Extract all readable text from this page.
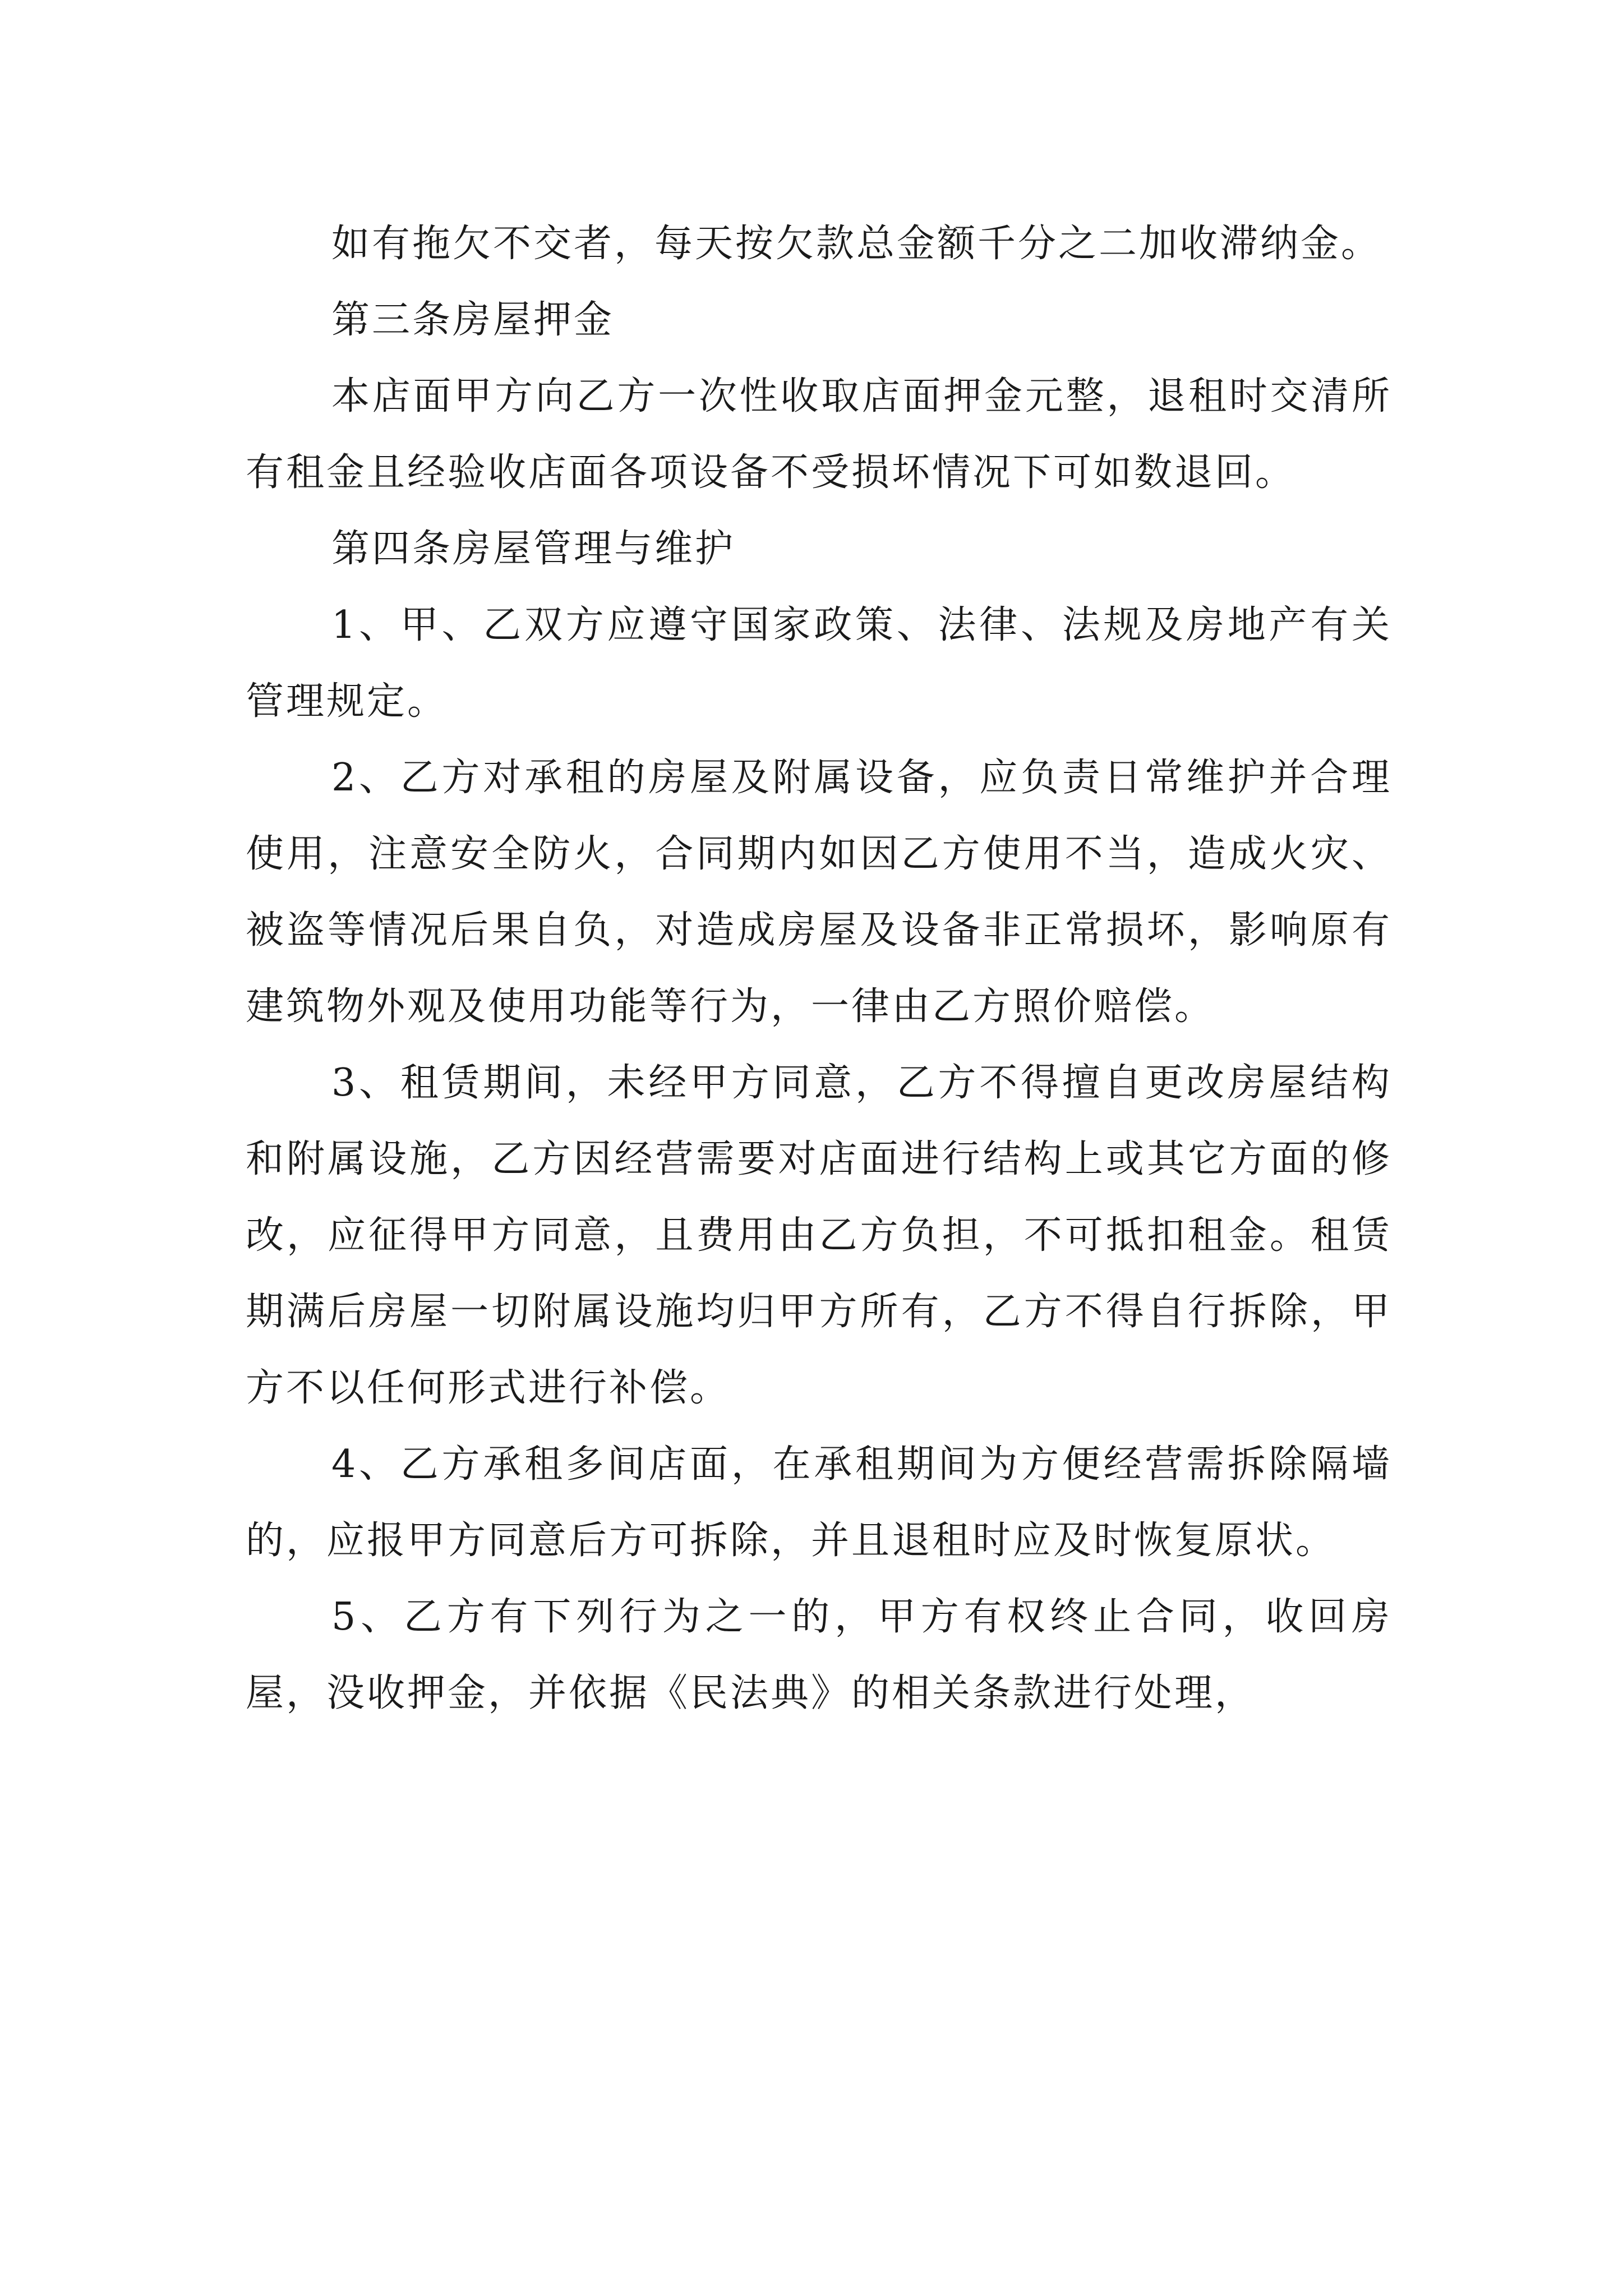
如有拖欠不交者，每天按欠款总金额千分之二加收滞纳金。

第三条房屋押金

本店面甲方向乙方一次性收取店面押金元整，退租时交清所有租金且经验收店面各项设备不受损坏情况下可如数退回。

第四条房屋管理与维护

1、甲、乙双方应遵守国家政策、法律、法规及房地产有关管理规定。

2、乙方对承租的房屋及附属设备，应负责日常维护并合理使用，注意安全防火，合同期内如因乙方使用不当，造成火灾、被盗等情况后果自负，对造成房屋及设备非正常损坏，影响原有建筑物外观及使用功能等行为，一律由乙方照价赔偿。

3、租赁期间，未经甲方同意，乙方不得擅自更改房屋结构和附属设施，乙方因经营需要对店面进行结构上或其它方面的修改，应征得甲方同意，且费用由乙方负担，不可抵扣租金。租赁期满后房屋一切附属设施均归甲方所有，乙方不得自行拆除，甲方不以任何形式进行补偿。

4、乙方承租多间店面，在承租期间为方便经营需拆除隔墙的，应报甲方同意后方可拆除，并且退租时应及时恢复原状。

5、乙方有下列行为之一的，甲方有权终止合同，收回房屋，没收押金，并依据《民法典》的相关条款进行处理，
